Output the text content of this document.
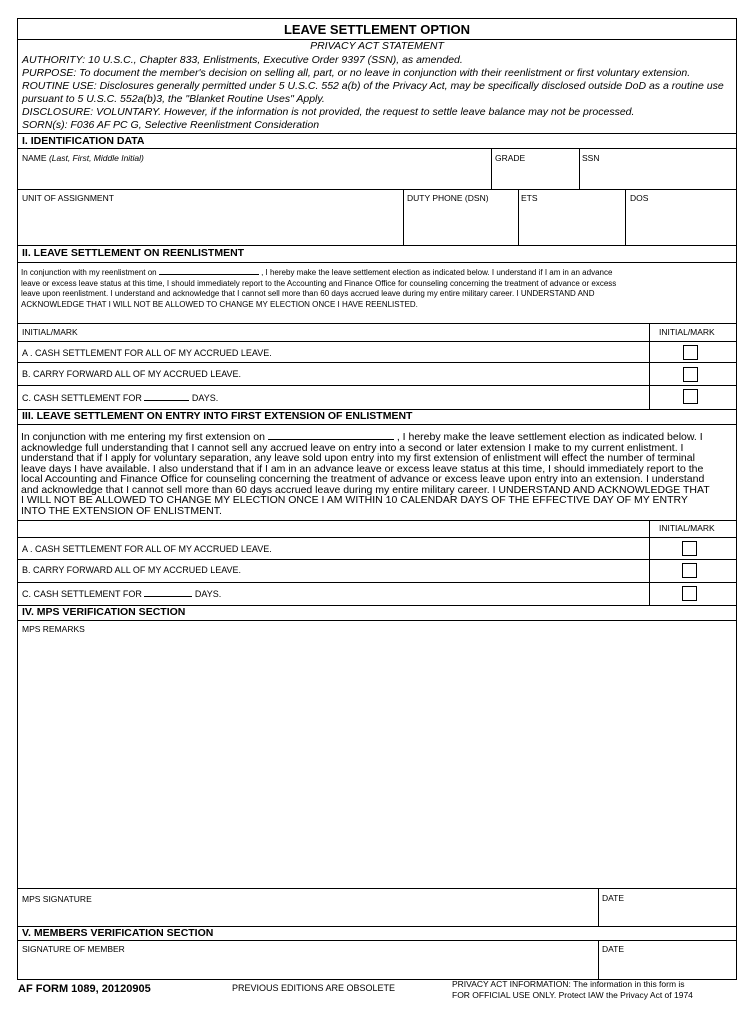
LEAVE SETTLEMENT OPTION
PRIVACY ACT STATEMENT
AUTHORITY: 10 U.S.C., Chapter 833, Enlistments, Executive Order 9397 (SSN), as amended.
PURPOSE: To document the member's decision on selling all, part, or no leave in conjunction with their reenlistment or first voluntary extension.
ROUTINE USE: Disclosures generally permitted under 5 U.S.C. 552 a(b) of the Privacy Act, may be specifically disclosed outside DoD as a routine use pursuant to 5 U.S.C. 552a(b)3, the "Blanket Routine Uses" Apply.
DISCLOSURE: VOLUNTARY. However, if the information is not provided, the request to settle leave balance may not be processed.
SORN(s): F036 AF PC G, Selective Reenlistment Consideration
I. IDENTIFICATION DATA
NAME (Last, First, Middle Initial)	GRADE	SSN
UNIT OF ASSIGNMENT	DUTY PHONE (DSN)	ETS	DOS
II. LEAVE SETTLEMENT ON REENLISTMENT
In conjunction with my reenlistment on	, I hereby make the leave settlement election as indicated below. I understand if I am in an advance
leave or excess leave status at this time, I should immediately report to the Accounting and Finance Office for counseling concerning the treatment of advance or excess
leave upon reenlistment. I understand and acknowledge that I cannot sell more than 60 days accrued leave during my entire military career. I UNDERSTAND AND
ACKNOWLEDGE THAT I WILL NOT BE ALLOWED TO CHANGE MY ELECTION ONCE I HAVE REENLISTED.
INITIAL/MARK	INITIAL/MARK
A . CASH SETTLEMENT FOR ALL OF MY ACCRUED LEAVE.
B. CARRY FORWARD ALL OF MY ACCRUED LEAVE.
C. CASH SETTLEMENT FOR	DAYS.
III. LEAVE SETTLEMENT ON ENTRY INTO FIRST EXTENSION OF ENLISTMENT
In conjunction with me entering my first extension on	, I hereby make the leave settlement election as indicated below. I
acknowledge full understanding that I cannot sell any accrued leave on entry into a second or later extension I make to my current enlistment. I
understand that if I apply for voluntary separation, any leave sold upon entry into my first extension of enlistment will effect the number of terminal
leave days I have available. I also understand that if I am in an advance leave or excess leave status at this time, I should immediately report to the
local Accounting and Finance Office for counseling concerning the treatment of advance or excess leave upon entry into an extension. I understand
and acknowledge that I cannot sell more than 60 days accrued leave during my entire military career. I UNDERSTAND AND ACKNOWLEDGE THAT
I WILL NOT BE ALLOWED TO CHANGE MY ELECTION ONCE I AM WITHIN 10 CALENDAR DAYS OF THE EFFECTIVE DAY OF MY ENTRY
INTO THE EXTENSION OF ENLISTMENT.
INITIAL/MARK
A . CASH SETTLEMENT FOR ALL OF MY ACCRUED LEAVE.
B. CARRY FORWARD ALL OF MY ACCRUED LEAVE.
C. CASH SETTLEMENT FOR	DAYS.
IV. MPS VERIFICATION SECTION
MPS REMARKS
MPS SIGNATURE	DATE
V. MEMBERS VERIFICATION SECTION
SIGNATURE OF MEMBER	DATE
AF FORM 1089, 20120905	PREVIOUS EDITIONS ARE OBSOLETE	PRIVACY ACT INFORMATION: The information in this form is
FOR OFFICIAL USE ONLY. Protect IAW the Privacy Act of 1974
